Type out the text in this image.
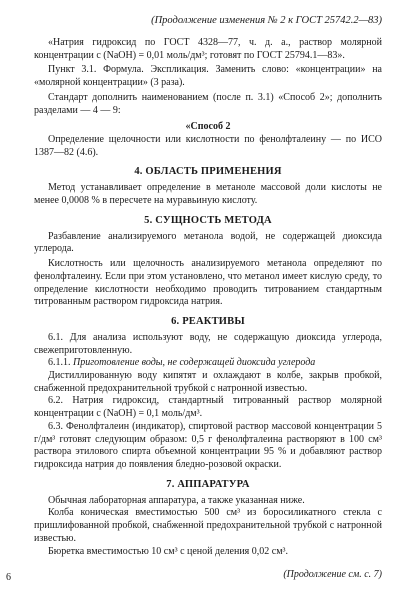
(Продолжение изменения № 2 к ГОСТ 25742.2—83)

«Натрия гидроксид по ГОСТ 4328—77, ч. д. а., раствор молярной концентрации c (NaOH) = 0,01 моль/дм³; готовят по ГОСТ 25794.1—83».

Пункт 3.1. Формула. Экспликация. Заменить слово: «концентрации» на «молярной концентрации» (3 раза).

Стандарт дополнить наименованием (после п. 3.1) «Способ 2»; дополнить разделами — 4 — 9:

«Способ 2

Определение щелочности или кислотности по фенолфталеину — по ИСО 1387—82 (4.6).

4. ОБЛАСТЬ ПРИМЕНЕНИЯ

Метод устанавливает определение в метаноле массовой доли кислоты не менее 0,0008 % в пересчете на муравьиную кислоту.

5. СУЩНОСТЬ МЕТОДА

Разбавление анализируемого метанола водой, не содержащей диоксида углерода.

Кислотность или щелочность анализируемого метанола определяют по фенолфталеину. Если при этом установлено, что метанол имеет кислую среду, то определение кислотности необходимо проводить титрованием стандартным титрованным раствором гидроксида натрия.

6. РЕАКТИВЫ

6.1. Для анализа используют воду, не содержащую диоксида углерода, свежеприготовленную.

6.1.1. Приготовление воды, не содержащей диоксида углерода

Дистиллированную воду кипятят и охлаждают в колбе, закрыв пробкой, снабженной предохранительной трубкой с натронной известью.

6.2. Натрия гидроксид, стандартный титрованный раствор молярной концентрации c (NaOH) = 0,1 моль/дм³.

6.3. Фенолфталеин (индикатор), спиртовой раствор массовой концентрации 5 г/дм³ готовят следующим образом: 0,5 г фенолфталеина растворяют в 100 см³ раствора этилового спирта объемной концентрации 95 % и добавляют раствор гидроксида натрия до появления бледно-розовой окраски.

7. АППАРАТУРА

Обычная лабораторная аппаратура, а также указанная ниже.

Колба коническая вместимостью 500 см³ из боросиликатного стекла с пришлифованной пробкой, снабженной предохранительной трубкой с натронной известью.

Бюретка вместимостью 10 см³ с ценой деления 0,02 см³.

(Продолжение см. с. 7)
6
